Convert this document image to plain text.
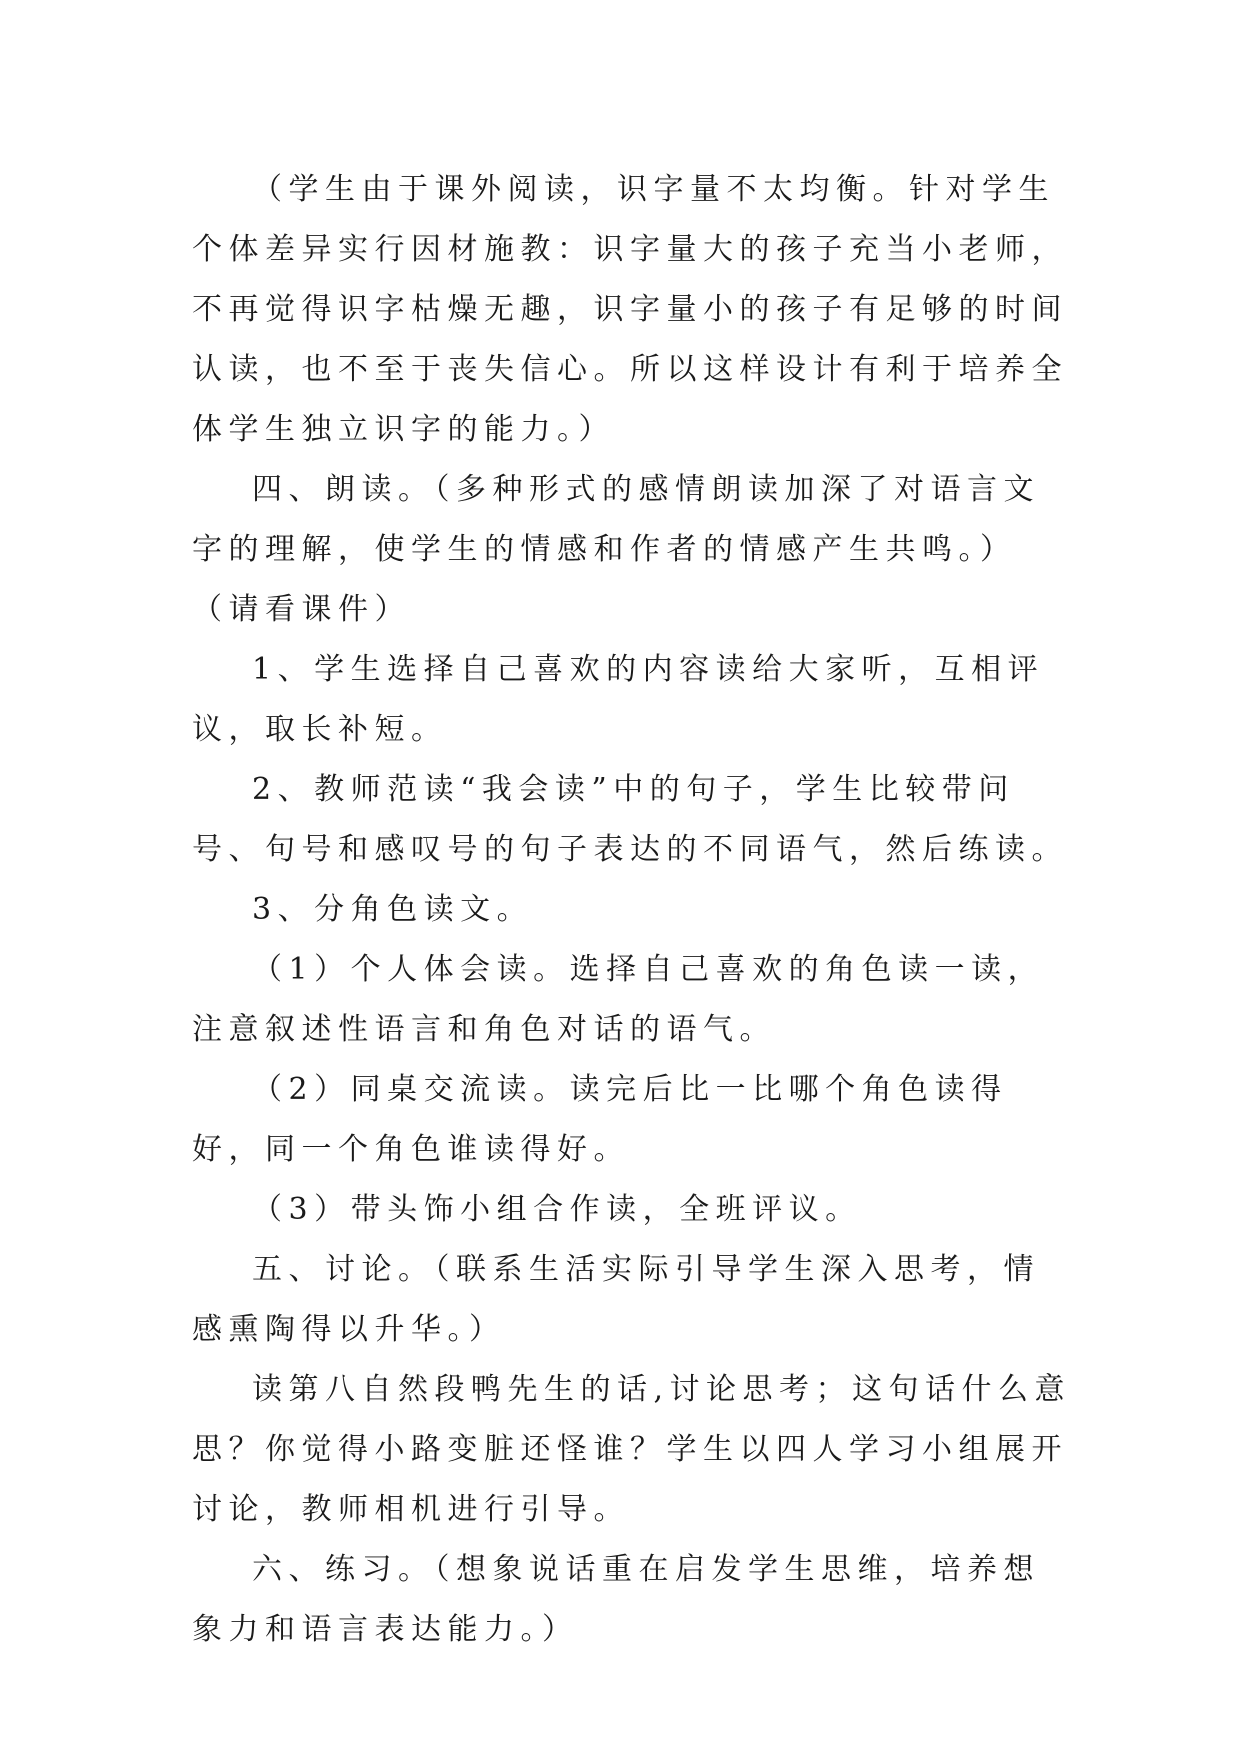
（学生由于课外阅读，识字量不太均衡。针对学生个体差异实行因材施教：识字量大的孩子充当小老师，不再觉得识字枯燥无趣，识字量小的孩子有足够的时间认读，也不至于丧失信心。所以这样设计有利于培养全体学生独立识字的能力。）

四、朗读。（多种形式的感情朗读加深了对语言文字的理解，使学生的情感和作者的情感产生共鸣。）（请看课件）

1、学生选择自己喜欢的内容读给大家听，互相评议，取长补短。

2、教师范读“我会读”中的句子，学生比较带问号、句号和感叹号的句子表达的不同语气，然后练读。

3、分角色读文。

（1）个人体会读。选择自己喜欢的角色读一读，注意叙述性语言和角色对话的语气。

（2）同桌交流读。读完后比一比哪个角色读得好，同一个角色谁读得好。

（3）带头饰小组合作读，全班评议。

五、讨论。（联系生活实际引导学生深入思考，情感熏陶得以升华。）

读第八自然段鸭先生的话,讨论思考；这句话什么意思？你觉得小路变脏还怪谁？学生以四人学习小组展开讨论，教师相机进行引导。

六、练习。（想象说话重在启发学生思维，培养想象力和语言表达能力。）
